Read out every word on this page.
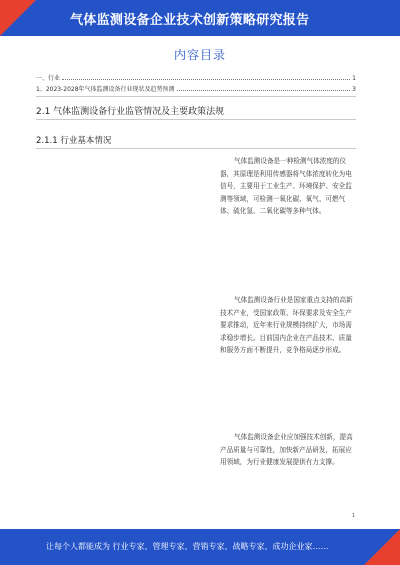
气体监测设备企业技术创新策略研究报告
内容目录
一、行业	1
1、2023-2028年气体监测设备行业现状及趋势预测	3
2.1 气体监测设备行业监管情况及主要政策法规
2.1.1 行业基本情况
气体监测设备是一种检测气体浓度的仪器，其原理是利用传感器将气体浓度转化为电信号，主要用于工业生产、环境保护、安全监测等领域，可检测一氧化碳、氧气、可燃气体、硫化氢、二氧化碳等多种气体。
气体监测设备行业是国家重点支持的高新技术产业，受国家政策、环保要求及安全生产要求推动，近年来行业规模持续扩大，市场需求稳步增长。目前国内企业在产品技术、质量和服务方面不断提升，竞争格局逐步形成。
气体监测设备企业应加强技术创新，提高产品质量与可靠性，加快新产品研发，拓展应用领域，为行业健康发展提供有力支撑。
1
让每个人都能成为 行业专家、管理专家、营销专家、战略专家、成功企业家……
